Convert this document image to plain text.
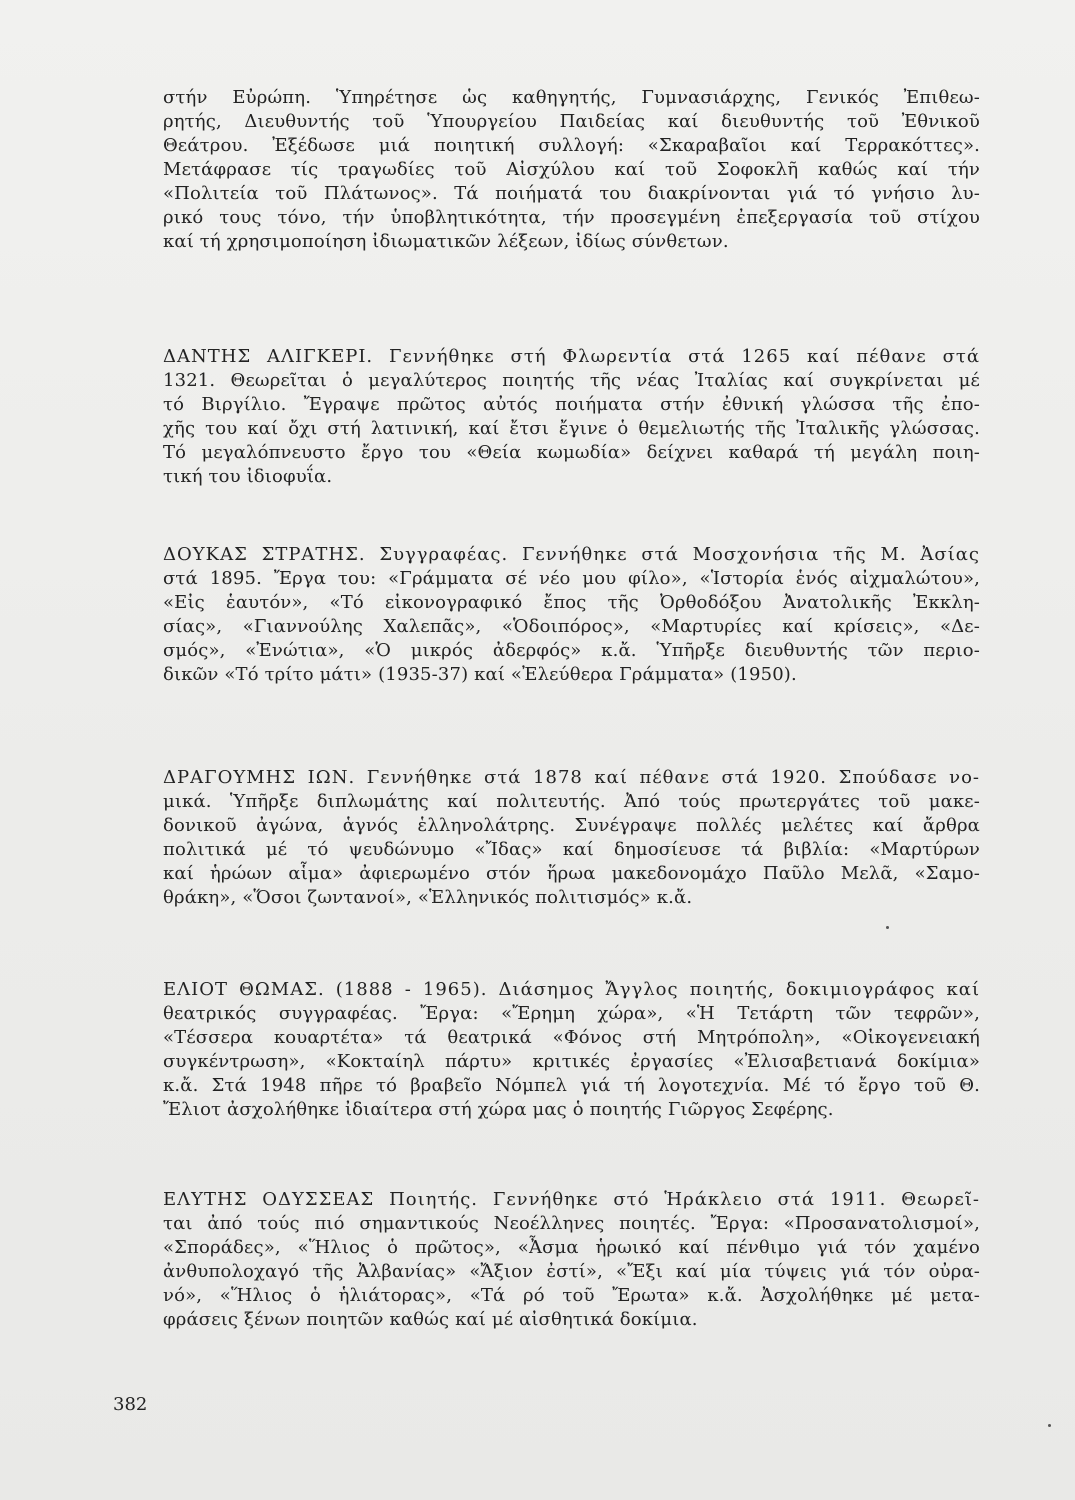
στήν Εὐρώπη. Ὑπηρέτησε ὡς καθηγητής, Γυμνασιάρχης, Γενικός Ἐπιθεω-
ρητής, Διευθυντής τοῦ Ὑπουργείου Παιδείας καί διευθυντής τοῦ Ἐθνικοῦ
Θεάτρου. Ἐξέδωσε μιά ποιητική συλλογή: «Σκαραβαῖοι καί Τερρακόττες».
Μετάφρασε τίς τραγωδίες τοῦ Αἰσχύλου καί τοῦ Σοφοκλῆ καθώς καί τήν
«Πολιτεία τοῦ Πλάτωνος». Τά ποιήματά του διακρίνονται γιά τό γνήσιο λυ-
ρικό τους τόνο, τήν ὑποβλητικότητα, τήν προσεγμένη ἐπεξεργασία τοῦ στίχου
καί τή χρησιμοποίηση ἰδιωματικῶν λέξεων, ἰδίως σύνθετων.
ΔΑΝΤΗΣ ΑΛΙΓΚΕΡΙ. Γεννήθηκε στή Φλωρεντία στά 1265 καί πέθανε στά
1321. Θεωρεῖται ὁ μεγαλύτερος ποιητής τῆς νέας Ἰταλίας καί συγκρίνεται μέ
τό Βιργίλιο. Ἔγραψε πρῶτος αὐτός ποιήματα στήν ἐθνική γλώσσα τῆς ἐπο-
χῆς του καί ὄχι στή λατινική, καί ἔτσι ἔγινε ὁ θεμελιωτής τῆς Ἰταλικῆς γλώσσας.
Τό μεγαλόπνευστο ἔργο του «Θεία κωμωδία» δείχνει καθαρά τή μεγάλη ποιη-
τική του ἰδιοφυΐα.
ΔΟΥΚΑΣ ΣΤΡΑΤΗΣ. Συγγραφέας. Γεννήθηκε στά Μοσχονήσια τῆς Μ. Ἀσίας
στά 1895. Ἔργα του: «Γράμματα σέ νέο μου φίλο», «Ἱστορία ἑνός αἰχμαλώτου»,
«Εἰς ἑαυτόν», «Τό εἰκονογραφικό ἔπος τῆς Ὀρθοδόξου Ἀνατολικῆς Ἐκκλη-
σίας», «Γιαννούλης Χαλεπᾶς», «Ὁδοιπόρος», «Μαρτυρίες καί κρίσεις», «Δε-
σμός», «Ἐνώτια», «Ὁ μικρός ἀδερφός» κ.ἄ. Ὑπῆρξε διευθυντής τῶν περιο-
δικῶν «Τό τρίτο μάτι» (1935-37) καί «Ἐλεύθερα Γράμματα» (1950).
ΔΡΑΓΟΥΜΗΣ ΙΩΝ. Γεννήθηκε στά 1878 καί πέθανε στά 1920. Σπούδασε νο-
μικά. Ὑπῆρξε διπλωμάτης καί πολιτευτής. Ἀπό τούς πρωτεργάτες τοῦ μακε-
δονικοῦ ἀγώνα, ἁγνός ἑλληνολάτρης. Συνέγραψε πολλές μελέτες καί ἄρθρα
πολιτικά μέ τό ψευδώνυμο «Ἴδας» καί δημοσίευσε τά βιβλία: «Μαρτύρων
καί ἡρώων αἷμα» ἀφιερωμένο στόν ἥρωα μακεδονομάχο Παῦλο Μελᾶ, «Σαμο-
θράκη», «Ὅσοι ζωντανοί», «Ἑλληνικός πολιτισμός» κ.ἄ.
ΕΛΙΟΤ ΘΩΜΑΣ. (1888 - 1965). Διάσημος Ἄγγλος ποιητής, δοκιμιογράφος καί
θεατρικός συγγραφέας. Ἔργα: «Ἔρημη χώρα», «Ἡ Τετάρτη τῶν τεφρῶν»,
«Τέσσερα κουαρτέτα» τά θεατρικά «Φόνος στή Μητρόπολη», «Οἰκογενειακή
συγκέντρωση», «Κοκταίηλ πάρτυ» κριτικές ἐργασίες «Ἐλισαβετιανά δοκίμια»
κ.ἄ. Στά 1948 πῆρε τό βραβεῖο Νόμπελ γιά τή λογοτεχνία. Μέ τό ἔργο τοῦ Θ.
Ἔλιοτ ἀσχολήθηκε ἰδιαίτερα στή χώρα μας ὁ ποιητής Γιῶργος Σεφέρης.
ΕΛΥΤΗΣ ΟΔΥΣΣΕΑΣ Ποιητής. Γεννήθηκε στό Ἡράκλειο στά 1911. Θεωρεῖ-
ται ἀπό τούς πιό σημαντικούς Νεοέλληνες ποιητές. Ἔργα: «Προσανατολισμοί»,
«Σποράδες», «Ἥλιος ὁ πρῶτος», «Ἆσμα ἡρωικό καί πένθιμο γιά τόν χαμένο
ἀνθυπολοχαγό τῆς Ἀλβανίας» «Ἄξιον ἐστί», «Ἔξι καί μία τύψεις γιά τόν οὐρα-
νό», «Ἥλιος ὁ ἡλιάτορας», «Τά ρό τοῦ Ἔρωτα» κ.ἄ. Ἀσχολήθηκε μέ μετα-
φράσεις ξένων ποιητῶν καθώς καί μέ αἰσθητικά δοκίμια.
382
